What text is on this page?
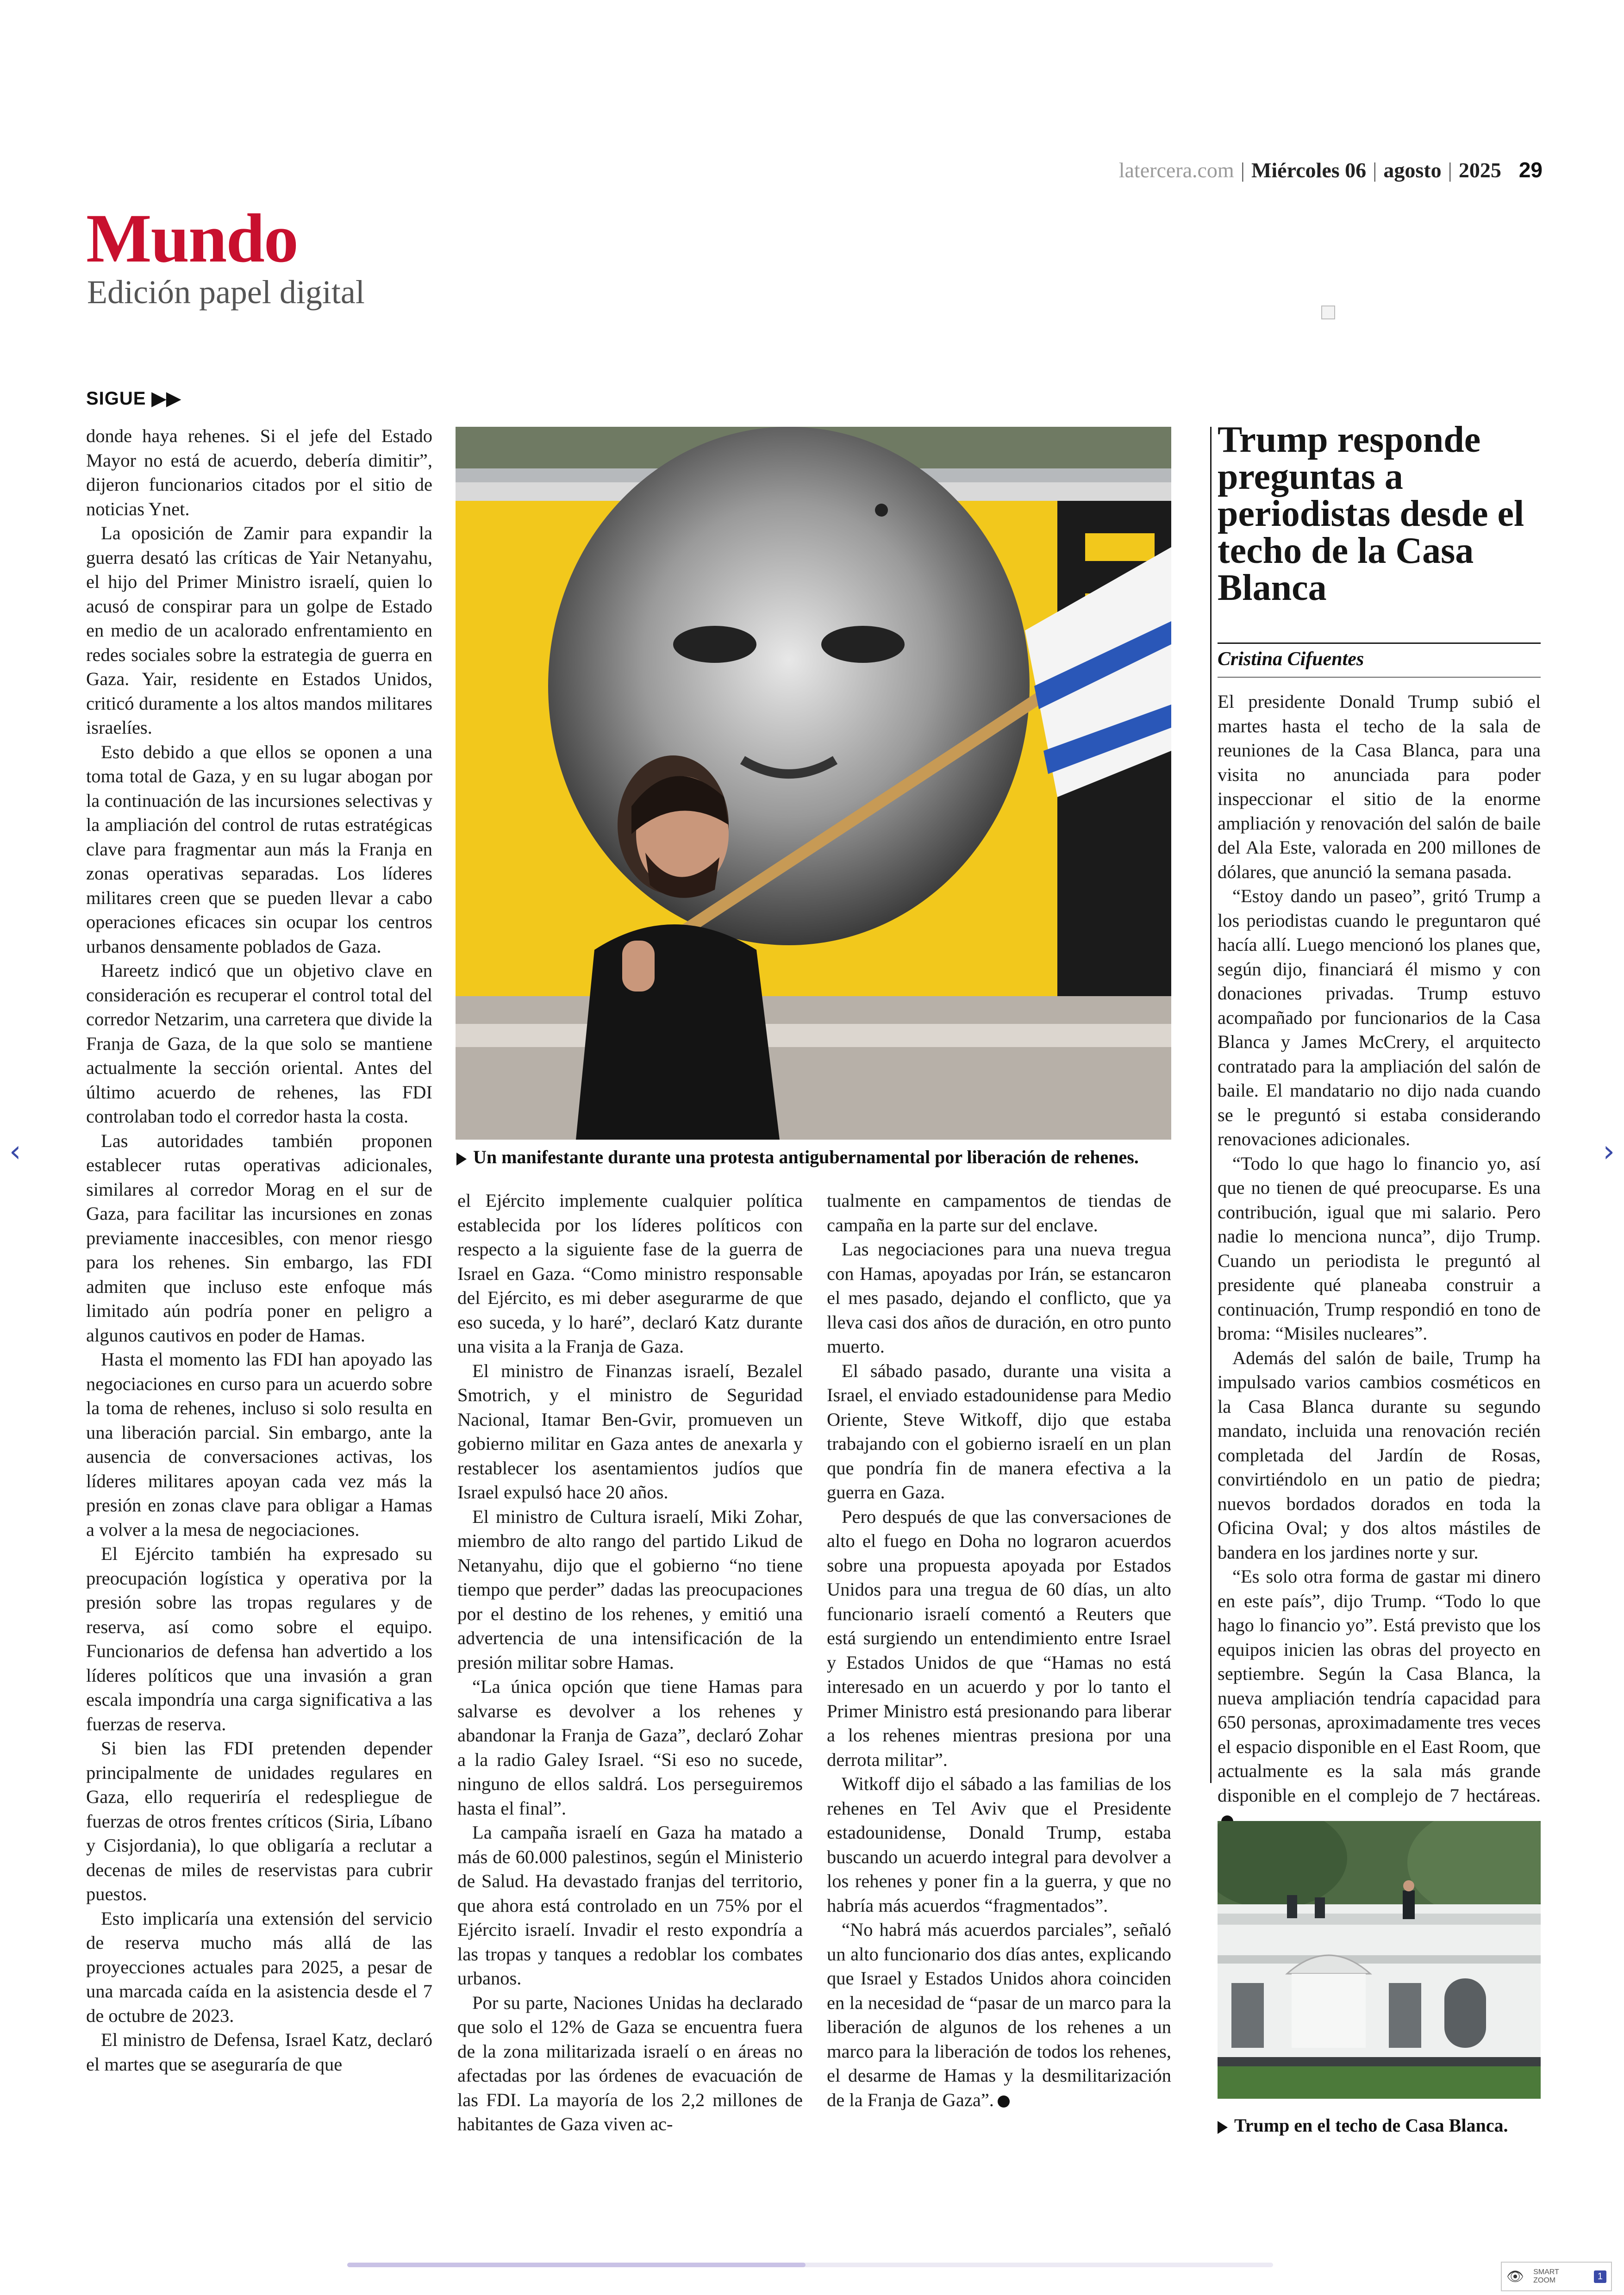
latercera.com | Miércoles 06 | agosto | 2025 29
Mundo
Edición papel digital
SIGUE ▶▶

donde haya rehenes. Si el jefe del Estado Mayor no está de acuerdo, debería dimitir”, dijeron funcionarios citados por el sitio de noticias Ynet.

La oposición de Zamir para expandir la guerra desató las críticas de Yair Netanyahu, el hijo del Primer Ministro israelí, quien lo acusó de conspirar para un golpe de Estado en medio de un acalorado enfrentamiento en redes sociales sobre la estrategia de guerra en Gaza. Yair, residente en Estados Unidos, criticó duramente a los altos mandos militares israelíes.

Esto debido a que ellos se oponen a una toma total de Gaza, y en su lugar abogan por la continuación de las incursiones selectivas y la ampliación del control de rutas estratégicas clave para fragmentar aun más la Franja en zonas operativas separadas. Los líderes militares creen que se pueden llevar a cabo operaciones eficaces sin ocupar los centros urbanos densamente poblados de Gaza.

Hareetz indicó que un objetivo clave en consideración es recuperar el control total del corredor Netzarim, una carretera que divide la Franja de Gaza, de la que solo se mantiene actualmente la sección oriental. Antes del último acuerdo de rehenes, las FDI controlaban todo el corredor hasta la costa.

Las autoridades también proponen establecer rutas operativas adicionales, similares al corredor Morag en el sur de Gaza, para facilitar las incursiones en zonas previamente inaccesibles, con menor riesgo para los rehenes. Sin embargo, las FDI admiten que incluso este enfoque más limitado aún podría poner en peligro a algunos cautivos en poder de Hamas.

Hasta el momento las FDI han apoyado las negociaciones en curso para un acuerdo sobre la toma de rehenes, incluso si solo resulta en una liberación parcial. Sin embargo, ante la ausencia de conversaciones activas, los líderes militares apoyan cada vez más la presión en zonas clave para obligar a Hamas a volver a la mesa de negociaciones.

El Ejército también ha expresado su preocupación logística y operativa por la presión sobre las tropas regulares y de reserva, así como sobre el equipo. Funcionarios de defensa han advertido a los líderes políticos que una invasión a gran escala impondría una carga significativa a las fuerzas de reserva.

Si bien las FDI pretenden depender principalmente de unidades regulares en Gaza, ello requeriría el redespliegue de fuerzas de otros frentes críticos (Siria, Líbano y Cisjordania), lo que obligaría a reclutar a decenas de miles de reservistas para cubrir puestos.

Esto implicaría una extensión del servicio de reserva mucho más allá de las proyecciones actuales para 2025, a pesar de una marcada caída en la asistencia desde el 7 de octubre de 2023.

El ministro de Defensa, Israel Katz, declaró el martes que se aseguraría de que

Un manifestante durante una protesta antigubernamental por liberación de rehenes.

el Ejército implemente cualquier política establecida por los líderes políticos con respecto a la siguiente fase de la guerra de Israel en Gaza. “Como ministro responsable del Ejército, es mi deber asegurarme de que eso suceda, y lo haré”, declaró Katz durante una visita a la Franja de Gaza.

El ministro de Finanzas israelí, Bezalel Smotrich, y el ministro de Seguridad Nacional, Itamar Ben-Gvir, promueven un gobierno militar en Gaza antes de anexarla y restablecer los asentamientos judíos que Israel expulsó hace 20 años.

El ministro de Cultura israelí, Miki Zohar, miembro de alto rango del partido Likud de Netanyahu, dijo que el gobierno “no tiene tiempo que perder” dadas las preocupaciones por el destino de los rehenes, y emitió una advertencia de una intensificación de la presión militar sobre Hamas.

“La única opción que tiene Hamas para salvarse es devolver a los rehenes y abandonar la Franja de Gaza”, declaró Zohar a la radio Galey Israel. “Si eso no sucede, ninguno de ellos saldrá. Los perseguiremos hasta el final”.

La campaña israelí en Gaza ha matado a más de 60.000 palestinos, según el Ministerio de Salud. Ha devastado franjas del territorio, que ahora está controlado en un 75% por el Ejército israelí. Invadir el resto expondría a las tropas y tanques a redoblar los combates urbanos.

Por su parte, Naciones Unidas ha declarado que solo el 12% de Gaza se encuentra fuera de la zona militarizada israelí o en áreas no afectadas por las órdenes de evacuación de las FDI. La mayoría de los 2,2 millones de habitantes de Gaza viven ac-

tualmente en campamentos de tiendas de campaña en la parte sur del enclave.

Las negociaciones para una nueva tregua con Hamas, apoyadas por Irán, se estancaron el mes pasado, dejando el conflicto, que ya lleva casi dos años de duración, en otro punto muerto.

El sábado pasado, durante una visita a Israel, el enviado estadounidense para Medio Oriente, Steve Witkoff, dijo que estaba trabajando con el gobierno israelí en un plan que pondría fin de manera efectiva a la guerra en Gaza.

Pero después de que las conversaciones de alto el fuego en Doha no lograron acuerdos sobre una propuesta apoyada por Estados Unidos para una tregua de 60 días, un alto funcionario israelí comentó a Reuters que está surgiendo un entendimiento entre Israel y Estados Unidos de que “Hamas no está interesado en un acuerdo y por lo tanto el Primer Ministro está presionando para liberar a los rehenes mientras presiona por una derrota militar”.

Witkoff dijo el sábado a las familias de los rehenes en Tel Aviv que el Presidente estadounidense, Donald Trump, estaba buscando un acuerdo integral para devolver a los rehenes y poner fin a la guerra, y que no habría más acuerdos “fragmentados”.

“No habrá más acuerdos parciales”, señaló un alto funcionario dos días antes, explicando que Israel y Estados Unidos ahora coinciden en la necesidad de “pasar de un marco para la liberación de algunos de los rehenes a un marco para la liberación de todos los rehenes, el desarme de Hamas y la desmilitarización de la Franja de Gaza”.

Trump responde preguntas a periodistas desde el techo de la Casa Blanca
Cristina Cifuentes

El presidente Donald Trump subió el martes hasta el techo de la sala de reuniones de la Casa Blanca, para una visita no anunciada para poder inspeccionar el sitio de la enorme ampliación y renovación del salón de baile del Ala Este, valorada en 200 millones de dólares, que anunció la semana pasada.

“Estoy dando un paseo”, gritó Trump a los periodistas cuando le preguntaron qué hacía allí. Luego mencionó los planes que, según dijo, financiará él mismo y con donaciones privadas. Trump estuvo acompañado por funcionarios de la Casa Blanca y James McCrery, el arquitecto contratado para la ampliación del salón de baile. El mandatario no dijo nada cuando se le preguntó si estaba considerando renovaciones adicionales.

“Todo lo que hago lo financio yo, así que no tienen de qué preocuparse. Es una contribución, igual que mi salario. Pero nadie lo menciona nunca”, dijo Trump. Cuando un periodista le preguntó al presidente qué planeaba construir a continuación, Trump respondió en tono de broma: “Misiles nucleares”.

Además del salón de baile, Trump ha impulsado varios cambios cosméticos en la Casa Blanca durante su segundo mandato, incluida una renovación recién completada del Jardín de Rosas, convirtiéndolo en un patio de piedra; nuevos bordados dorados en toda la Oficina Oval; y dos altos mástiles de bandera en los jardines norte y sur.

“Es solo otra forma de gastar mi dinero en este país”, dijo Trump. “Todo lo que hago lo financio yo”. Está previsto que los equipos inicien las obras del proyecto en septiembre. Según la Casa Blanca, la nueva ampliación tendría capacidad para 650 personas, aproximadamente tres veces el espacio disponible en el East Room, que actualmente es la sala más grande disponible en el complejo de 7 hectáreas.

Trump en el techo de Casa Blanca.
‹	›
👁 SMART
ZOOM	1
